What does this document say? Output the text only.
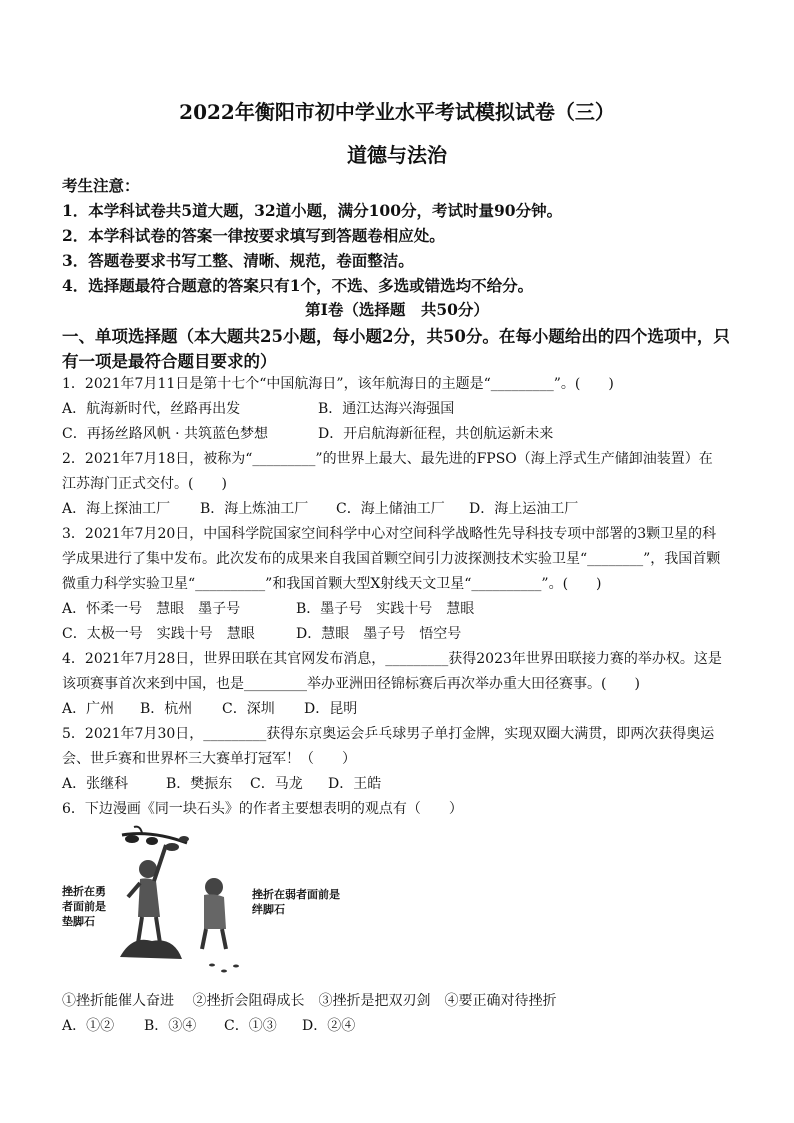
2022年衡阳市初中学业水平考试模拟试卷（三）
道德与法治
考生注意：
1．本学科试卷共5道大题，32道小题，满分100分，考试时量90分钟。
2．本学科试卷的答案一律按要求填写到答题卷相应处。
3．答题卷要求书写工整、清晰、规范，卷面整洁。
4．选择题最符合题意的答案只有1个，不选、多选或错选均不给分。
第Ⅰ卷（选择题　共50分）
一、单项选择题（本大题共25小题，每小题2分，共50分。在每小题给出的四个选项中，只
有一项是最符合题目要求的）
1．2021年7月11日是第十七个“中国航海日”，该年航海日的主题是“_________”。(　　)
A．航海新时代，丝路再出发	B．通江达海兴海强国
C．再扬丝路风帆 · 共筑蓝色梦想	D．开启航海新征程，共创航运新未来
2．2021年7月18日，被称为“_________”的世界上最大、最先进的FPSO（海上浮式生产储卸油装置）在
江苏海门正式交付。(　　)
A．海上探油工厂 B．海上炼油工厂 C．海上储油工厂 D．海上运油工厂
3．2021年7月20日，中国科学院国家空间科学中心对空间科学战略性先导科技专项中部署的3颗卫星的科
学成果进行了集中发布。此次发布的成果来自我国首颗空间引力波探测技术实验卫星“________”，我国首颗
微重力科学实验卫星“__________”和我国首颗大型X射线天文卫星“__________”。(　　)
A．怀柔一号　慧眼　墨子号	B．墨子号　实践十号　慧眼
C．太极一号　实践十号　慧眼	D．慧眼　墨子号　悟空号
4．2021年7月28日，世界田联在其官网发布消息，_________获得2023年世界田联接力赛的举办权。这是
该项赛事首次来到中国，也是_________举办亚洲田径锦标赛后再次举办重大田径赛事。(　　)
A．广州 B．杭州 C．深圳 D．昆明
5．2021年7月30日，_________获得东京奥运会乒乓球男子单打金牌，实现双圈大满贯，即两次获得奥运
会、世乒赛和世界杯三大赛单打冠军！（　　）
A．张继科	B．樊振东 C．马龙 D．王皓
6．下边漫画《同一块石头》的作者主要想表明的观点有（　　）
挫折在勇
者面前是
垫脚石
挫折在弱者面前是绊脚石
挫折在勇者面前是垫脚石
①挫折能催人奋进　 ②挫折会阻碍成长　③挫折是把双刃剑　④要正确对待挫折
A．①② B．③④ C．①③ D．②④
